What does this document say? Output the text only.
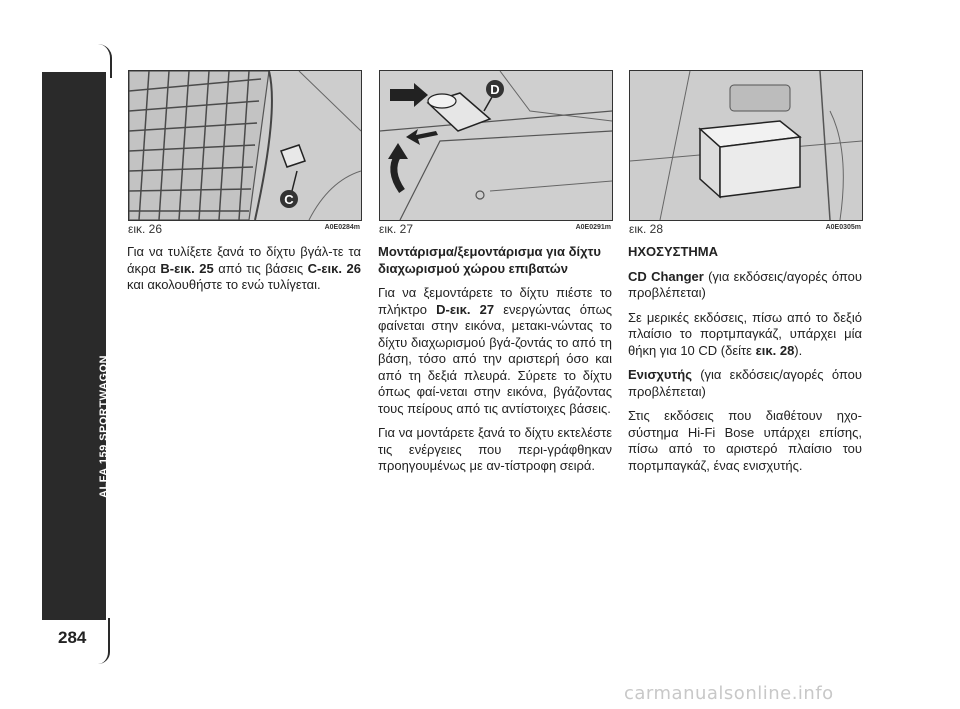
ALFA 159 SPORTWAGON
284
C
εικ. 26	A0E0284m
D
εικ. 27	A0E0291m εικ. 28	A0E0305m

Για να τυλίξετε ξανά το δίχτυ βγάλ-τε τα άκρα B-εικ. 25 από τις βάσεις C-εικ. 26 και ακολουθήστε το ενώ τυλίγεται.

Μοντάρισμα/ξεμοντάρισμα για δίχτυ διαχωρισμού χώρου επιβατών

Για να ξεμοντάρετε το δίχτυ πιέστε το πλήκτρο D-εικ. 27 ενεργώντας όπως φαίνεται στην εικόνα, μετακι-νώντας το δίχτυ διαχωρισμού βγά-ζοντάς το από τη βάση, τόσο από την αριστερή όσο και από τη δεξιά πλευρά. Σύρετε το δίχτυ όπως φαί-νεται στην εικόνα, βγάζοντας τους πείρους από τις αντίστοιχες βάσεις.

Για να μοντάρετε ξανά το δίχτυ εκτελέστε τις ενέργειες που περι-γράφθηκαν προηγουμένως με αν-τίστροφη σειρά.

ΗΧΟΣΥΣΤΗΜΑ

CD Changer (για εκδόσεις/αγορές όπου προβλέπεται)

Σε μερικές εκδόσεις, πίσω από το δεξιό πλαίσιο το πορτμπαγκάζ, υπάρχει μία θήκη για 10 CD (δείτε εικ. 28).

Ενισχυτής (για εκδόσεις/αγορές όπου προβλέπεται)

Στις εκδόσεις που διαθέτουν ηχο-σύστημα Hi-Fi Bose υπάρχει επίσης, πίσω από το αριστερό πλαίσιο του πορτμπαγκάζ, ένας ενισχυτής.

carmanualsonline.info
